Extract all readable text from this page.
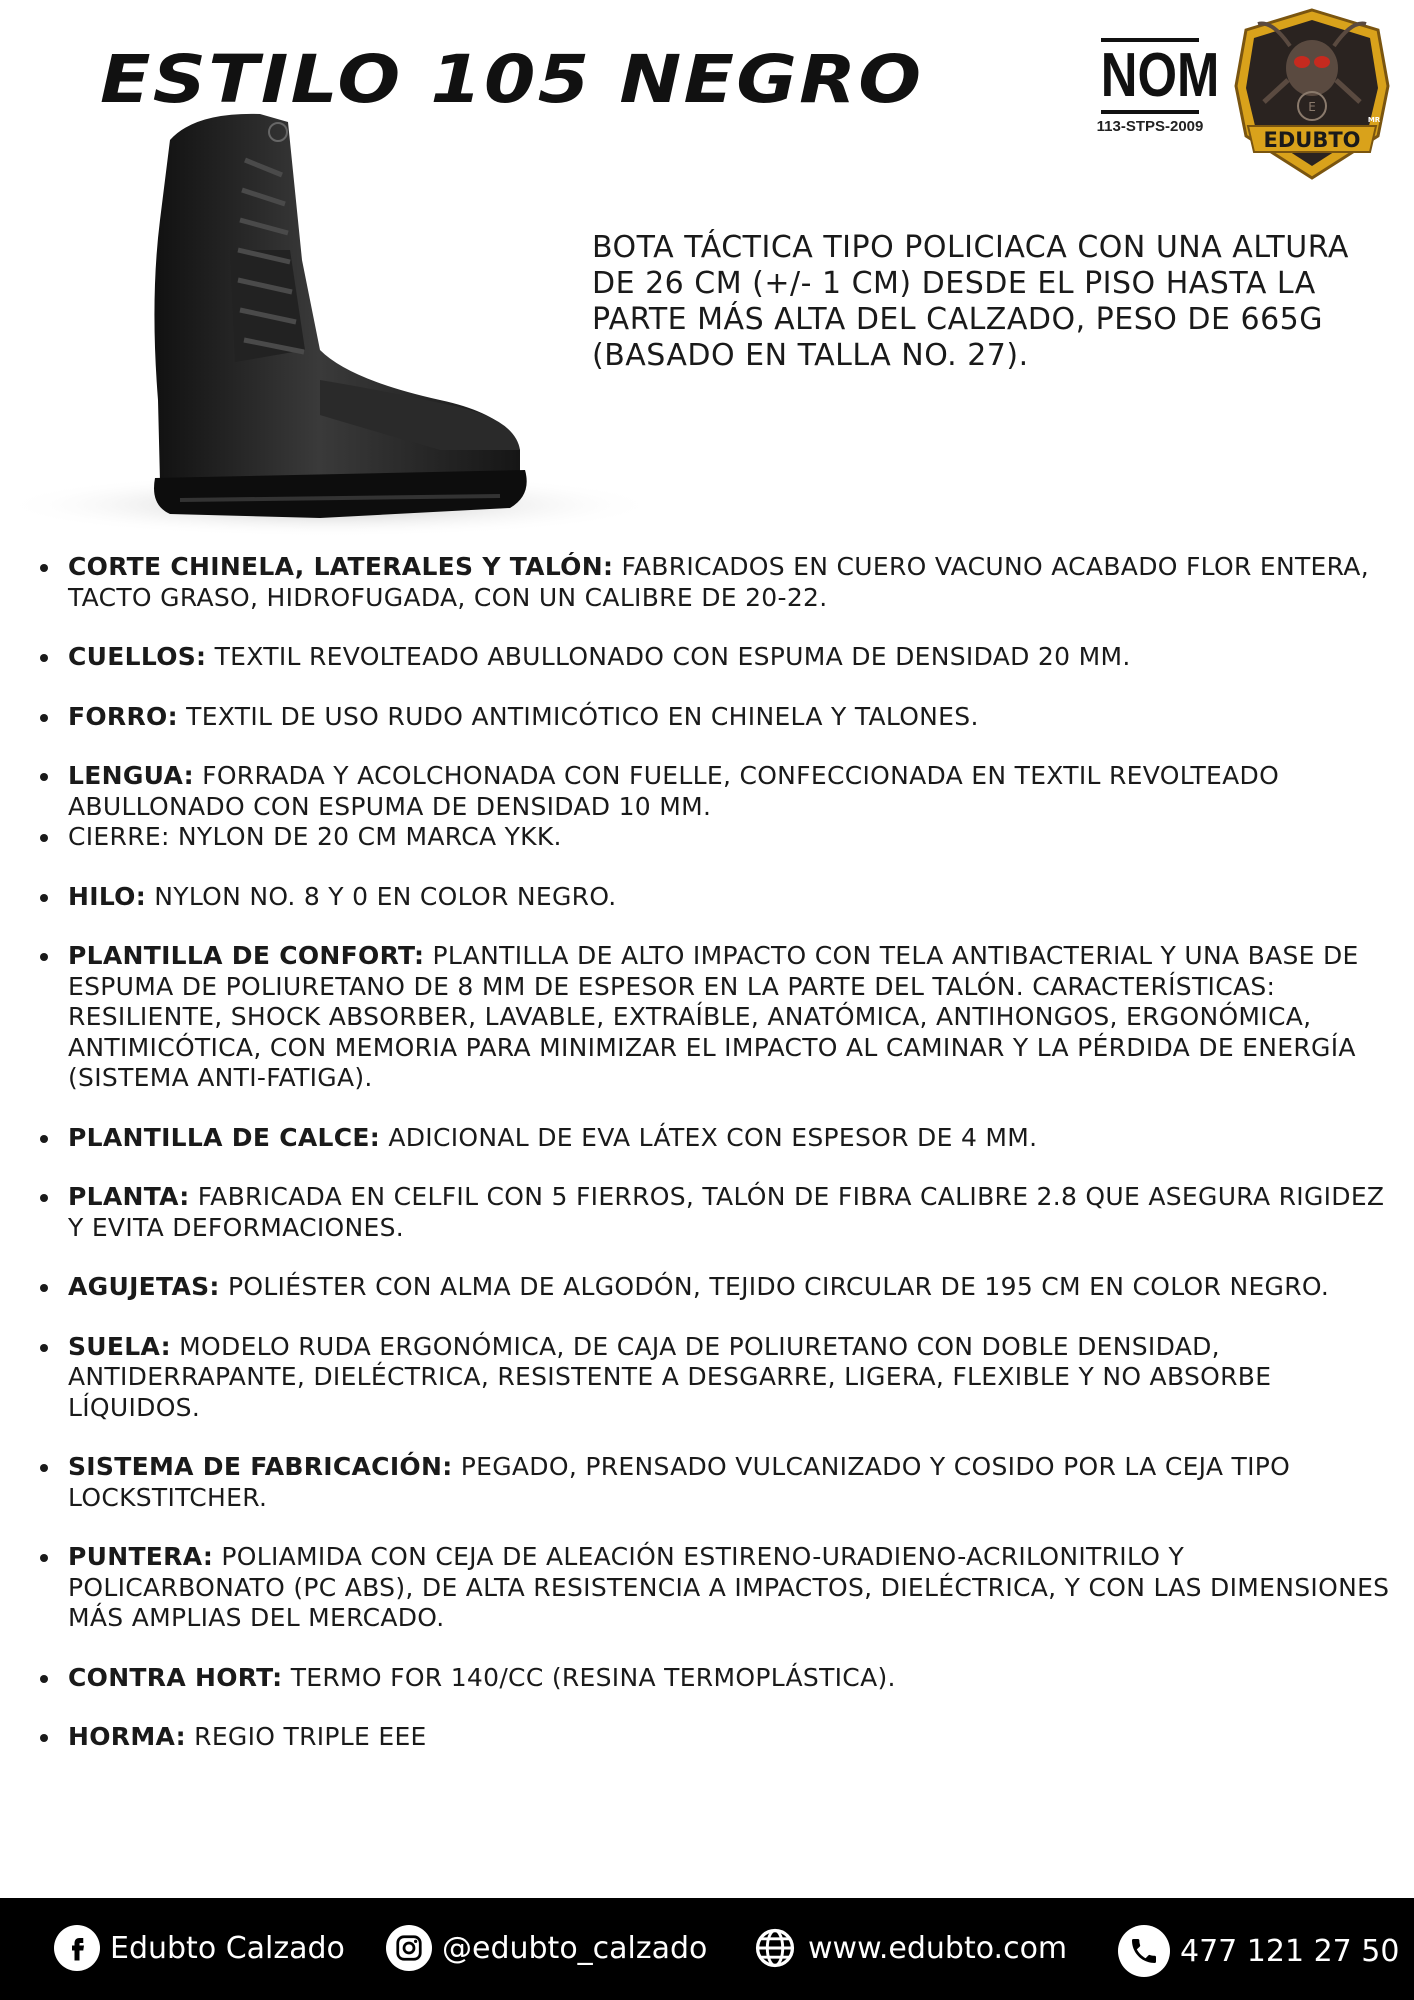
ESTILO 105 NEGRO	NOM
113-STPS-2009
E
EDUBTO
MR
BOTA TÁCTICA TIPO POLICIACA CON UNA ALTURA DE 26 CM (+/- 1 CM) DESDE EL PISO HASTA LA PARTE MÁS ALTA DEL CALZADO, PESO DE 665G (BASADO EN TALLA NO. 27).
CORTE CHINELA, LATERALES Y TALÓN: FABRICADOS EN CUERO VACUNO ACABADO FLOR ENTERA, TACTO GRASO, HIDROFUGADA, CON UN CALIBRE DE 20-22.
CUELLOS: TEXTIL REVOLTEADO ABULLONADO CON ESPUMA DE DENSIDAD 20 MM.
FORRO: TEXTIL DE USO RUDO ANTIMICÓTICO EN CHINELA Y TALONES.
LENGUA: FORRADA Y ACOLCHONADA CON FUELLE, CONFECCIONADA EN TEXTIL REVOLTEADO ABULLONADO CON ESPUMA DE DENSIDAD 10 MM.
CIERRE: NYLON DE 20 CM MARCA YKK.
HILO: NYLON NO. 8 Y 0 EN COLOR NEGRO.
PLANTILLA DE CONFORT: PLANTILLA DE ALTO IMPACTO CON TELA ANTIBACTERIAL Y UNA BASE DE ESPUMA DE POLIURETANO DE 8 MM DE ESPESOR EN LA PARTE DEL TALÓN. CARACTERÍSTICAS: RESILIENTE, SHOCK ABSORBER, LAVABLE, EXTRAÍBLE, ANATÓMICA, ANTIHONGOS, ERGONÓMICA, ANTIMICÓTICA, CON MEMORIA PARA MINIMIZAR EL IMPACTO AL CAMINAR Y LA PÉRDIDA DE ENERGÍA (SISTEMA ANTI-FATIGA).
PLANTILLA DE CALCE: ADICIONAL DE EVA LÁTEX CON ESPESOR DE 4 MM.
PLANTA: FABRICADA EN CELFIL CON 5 FIERROS, TALÓN DE FIBRA CALIBRE 2.8 QUE ASEGURA RIGIDEZ Y EVITA DEFORMACIONES.
AGUJETAS: POLIÉSTER CON ALMA DE ALGODÓN, TEJIDO CIRCULAR DE 195 CM EN COLOR NEGRO.
SUELA: MODELO RUDA ERGONÓMICA, DE CAJA DE POLIURETANO CON DOBLE DENSIDAD, ANTIDERRAPANTE, DIELÉCTRICA, RESISTENTE A DESGARRE, LIGERA, FLEXIBLE Y NO ABSORBE LÍQUIDOS.
SISTEMA DE FABRICACIÓN: PEGADO, PRENSADO VULCANIZADO Y COSIDO POR LA CEJA TIPO LOCKSTITCHER.
PUNTERA: POLIAMIDA CON CEJA DE ALEACIÓN ESTIRENO-URADIENO-ACRILONITRILO Y POLICARBONATO (PC ABS), DE ALTA RESISTENCIA A IMPACTOS, DIELÉCTRICA, Y CON LAS DIMENSIONES MÁS AMPLIAS DEL MERCADO.
CONTRA HORT: TERMO FOR 140/CC (RESINA TERMOPLÁSTICA).
HORMA: REGIO TRIPLE EEE
Edubto Calzado	@edubto_calzado	www.edubto.com	477 121 27 50
